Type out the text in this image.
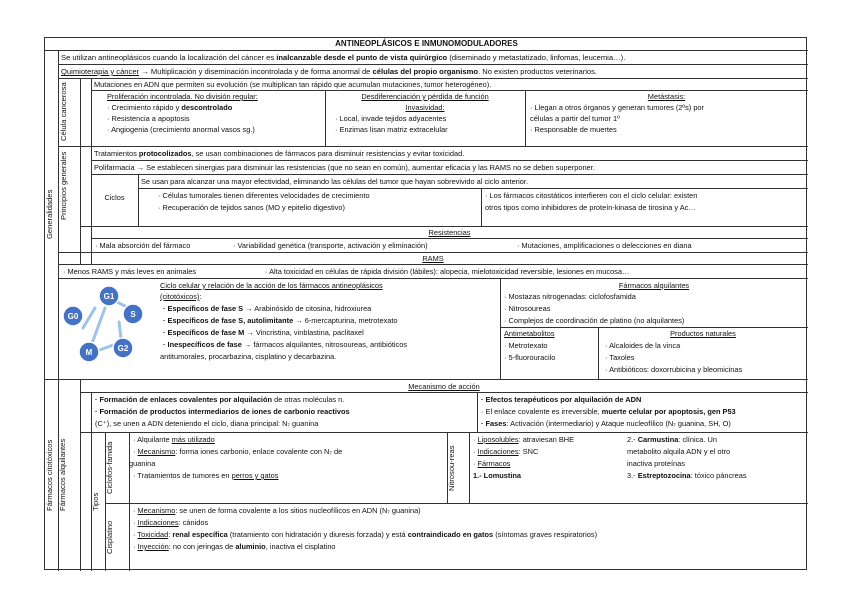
ANTINEOPLÁSICOS E INMUNOMODULADORES
Generalidades
Fármacos citotóxicos
Se utilizan antineoplásicos cuando la localización del cáncer es inalcanzable desde el punto de vista quirúrgico (diseminado y metastatizado, linfomas, leucemia…).
Quimioterapia y cáncer → Multiplicación y diseminación incontrolada y de forma anormal de células del propio organismo. No existen productos veterinarios.
Célula cancerosa	Mutaciones en ADN que permiten su evolución (se multiplican tan rápido que acumulan mutaciones, tumor heterogéneo).
Proliferación incontrolada. No división regular:
· Crecimiento rápido y descontrolado
· Resistencia a apoptosis
· Angiogenia (crecimiento anormal vasos sg.)
Desdiferenciación y pérdida de función
Invasividad:
· Local, invade tejidos adyacentes
· Enzimas lisan matriz extracelular
Metástasis:
· Llegan a otros órganos y generan tumores (2ºs) por
células a partir del tumor 1º
· Responsable de muertes
Principios generales	Tratamientos protocolizados, se usan combinaciones de fármacos para disminuir resistencias y evitar toxicidad.
Polifarmacia → Se establecen sinergias para disminuir las resistencias (que no sean en común), aumentar eficacia y las RAMS no se deben superponer.
Ciclos
Se usan para alcanzar una mayor efectividad, eliminando las células del tumor que hayan sobrevivido al ciclo anterior.
· Células tumorales tienen diferentes velocidades de crecimiento
· Recuperación de tejidos sanos (MO y epitelio digestivo)
· Los fármacos citostáticos interfieren con el ciclo celular: existen
otros tipos como inhibidores de proteín-kinasa de tirosina y Ac…
Resistencias
· Mala absorción del fármaco	· Variabilidad genética (transporte, activación y eliminación)	· Mutaciones, amplificaciones o delecciones en diana
RAMS
· Menos RAMS y más leves en animales	· Alta toxicidad en células de rápida división (lábiles): alopecia, mielotoxicidad reversible, lesiones en mucosa…
G1
S
G2
M
G0
Ciclo celular y relación de la acción de los fármacos antineoplásicos
(citotóxicos):
· Específicos de fase S → Arabinósido de citosina, hidroxiurea
· Específicos de fase S, autolimitante → 6-mercapturina, metrotexato
· Específicos de fase M → Vincristina, vinblastina, paclitaxel
· Inespecíficos de fase → fármacos alquilantes, nitrosoureas, antibióticos
antitumorales, procarbazina, cisplatino y decarbazina.
Fármacos alquilantes
· Mostazas nitrogenadas: ciclofosfamida
· Nitrosoureas
· Complejos de coordinación de platino (no alquilantes)
Antimetabolitos
· Metrotexato
· 5-fluorouracilo
Productos naturales
· Alcaloides de la vinca
· Taxoles
· Antibióticos: doxorrubicina y bleomicinas
Fármacos alquilantes
Mecanismo de acción
· Formación de enlaces covalentes por alquilación de otras moléculas n.
· Formación de productos intermediarios de iones de carbonio reactivos
(C⁺), se unen a ADN deteniendo el ciclo, diana principal: N₇ guanina
· Efectos terapéuticos por alquilación de ADN
· El enlace covalente es irreversible, muerte celular por apoptosis, gen P53
· Fases: Activación (intermediario) y Ataque nucleofílico (N₇ guanina, SH, O)
Tipos
Ciclofos-famida
· Alquilante más utilizado
· Mecanismo: forma iones carbonio, enlace covalente con N₇ de
guanina
· Tratamientos de tumores en perros y gatos	Nitrosou-reas
· Liposolubles: atraviesan BHE
· Indicaciones: SNC
· Fármacos
1.- Lomustina
2.- Carmustina: clínica. Un
metabolito alquila ADN y el otro
inactiva proteínas
3.- Estreptozocina: tóxico páncreas
Cisplatino
· Mecanismo: se unen de forma covalente a los sitios nucleofílicos en ADN (N₇ guanina)
· Indicaciones: cánidos
· Toxicidad: renal específica (tratamiento con hidratación y diuresis forzada) y está contraindicado en gatos (síntomas graves respiratorios)
· Inyección: no con jeringas de aluminio, inactiva el cisplatino
